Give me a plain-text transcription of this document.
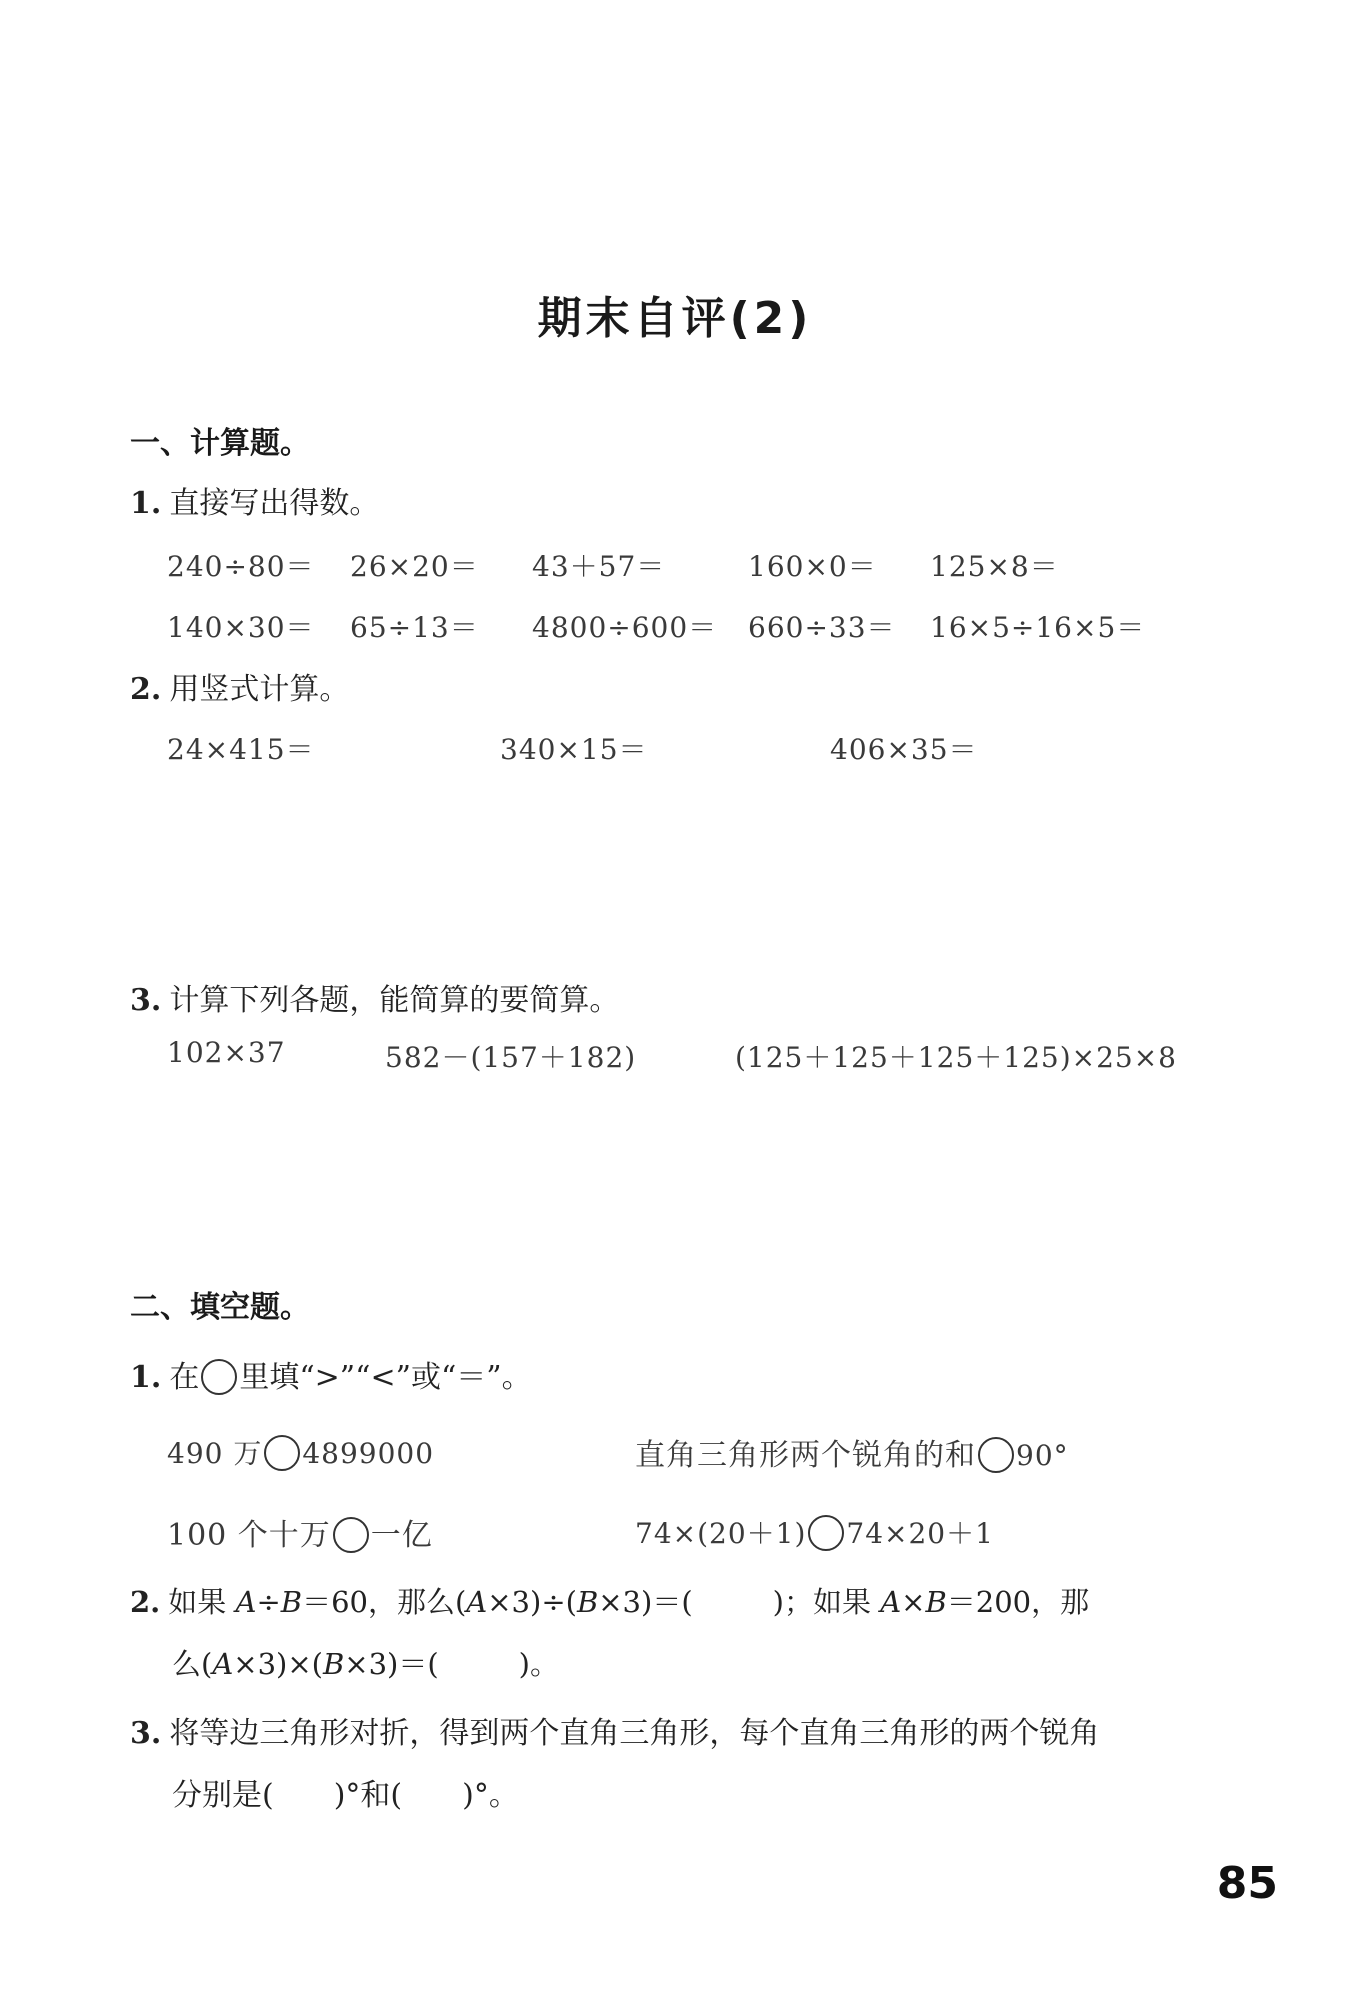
期末自评(2)
一、计算题。
1. 直接写出得数。
240÷80＝ 26×20＝ 43＋57＝	160×0＝ 125×8＝
140×30＝ 65÷13＝ 4800÷600＝ 660÷33＝ 16×5÷16×5＝
2. 用竖式计算。
24×415＝	340×15＝	406×35＝
3. 计算下列各题，能简算的要简算。
102×37	582－(157＋182)	(125＋125＋125＋125)×25×8
二、填空题。
1. 在 里填“>”“<”或“＝”。
490 万 4899000	直角三角形两个锐角的和 90°
100 个十万 一亿	74×(20＋1) 74×20＋1
2. 如果 A÷B＝60，那么(A×3)÷(B×3)＝(	)；如果 A×B＝200，那
么(A×3)×(B×3)＝(	)。
3. 将等边三角形对折，得到两个直角三角形，每个直角三角形的两个锐角
分别是( )°和( )°。
85
